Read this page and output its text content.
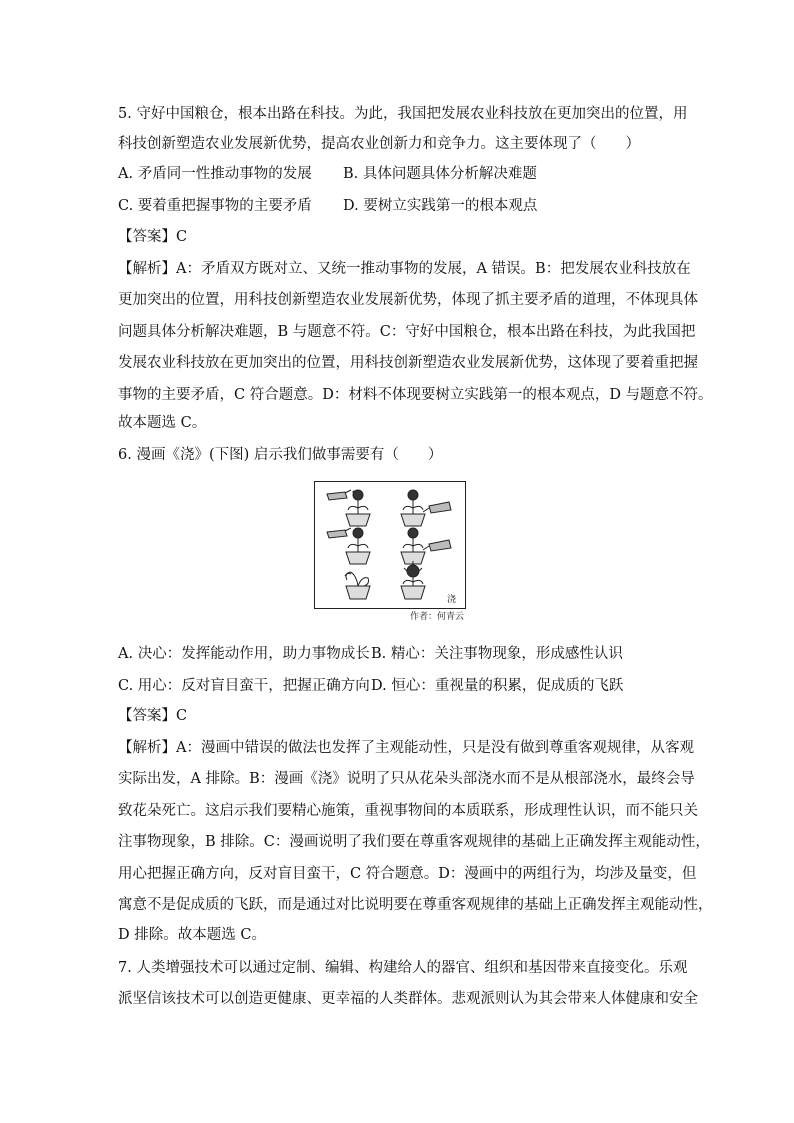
5. 守好中国粮仓，根本出路在科技。为此，我国把发展农业科技放在更加突出的位置，用
科技创新塑造农业发展新优势，提高农业创新力和竞争力。这主要体现了（　　）
A. 矛盾同一性推动事物的发展 B. 具体问题具体分析解决难题
C. 要着重把握事物的主要矛盾 D. 要树立实践第一的根本观点
【答案】C
【解析】A：矛盾双方既对立、又统一推动事物的发展，A 错误。B：把发展农业科技放在
更加突出的位置，用科技创新塑造农业发展新优势，体现了抓主要矛盾的道理，不体现具体
问题具体分析解决难题，B 与题意不符。C：守好中国粮仓，根本出路在科技，为此我国把
发展农业科技放在更加突出的位置，用科技创新塑造农业发展新优势，这体现了要着重把握
事物的主要矛盾，C 符合题意。D：材料不体现要树立实践第一的根本观点，D 与题意不符。
故本题选 C。
6. 漫画《浇》(下图) 启示我们做事需要有（　　）
浇
作者：何青云
A. 决心：发挥能动作用，助力事物成长 B. 精心：关注事物现象，形成感性认识
C. 用心：反对盲目蛮干，把握正确方向 D. 恒心：重视量的积累，促成质的飞跃
【答案】C
【解析】A：漫画中错误的做法也发挥了主观能动性，只是没有做到尊重客观规律，从客观
实际出发，A 排除。B：漫画《浇》说明了只从花朵头部浇水而不是从根部浇水，最终会导
致花朵死亡。这启示我们要精心施策，重视事物间的本质联系，形成理性认识，而不能只关
注事物现象，B 排除。C：漫画说明了我们要在尊重客观规律的基础上正确发挥主观能动性，
用心把握正确方向，反对盲目蛮干，C 符合题意。D：漫画中的两组行为，均涉及量变，但
寓意不是促成质的飞跃，而是通过对比说明要在尊重客观规律的基础上正确发挥主观能动性，
D 排除。故本题选 C。
7. 人类增强技术可以通过定制、编辑、构建给人的器官、组织和基因带来直接变化。乐观
派坚信该技术可以创造更健康、更幸福的人类群体。悲观派则认为其会带来人体健康和安全
